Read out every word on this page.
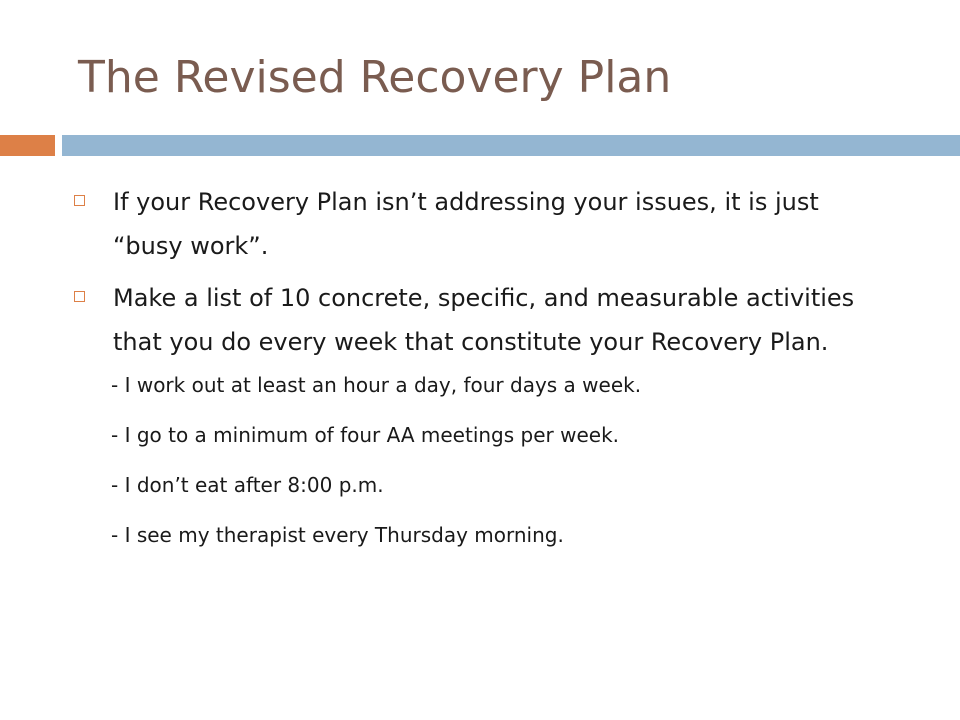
The Revised Recovery Plan
If your Recovery Plan isn’t addressing your issues, it is just “busy work”.
Make a list of 10 concrete, specific, and measurable activities that you do every week that constitute your Recovery Plan.
- I work out at least an hour a day, four days a week.
- I go to a minimum of four AA meetings per week.
- I don’t eat after 8:00 p.m.
- I see my therapist every Thursday morning.
